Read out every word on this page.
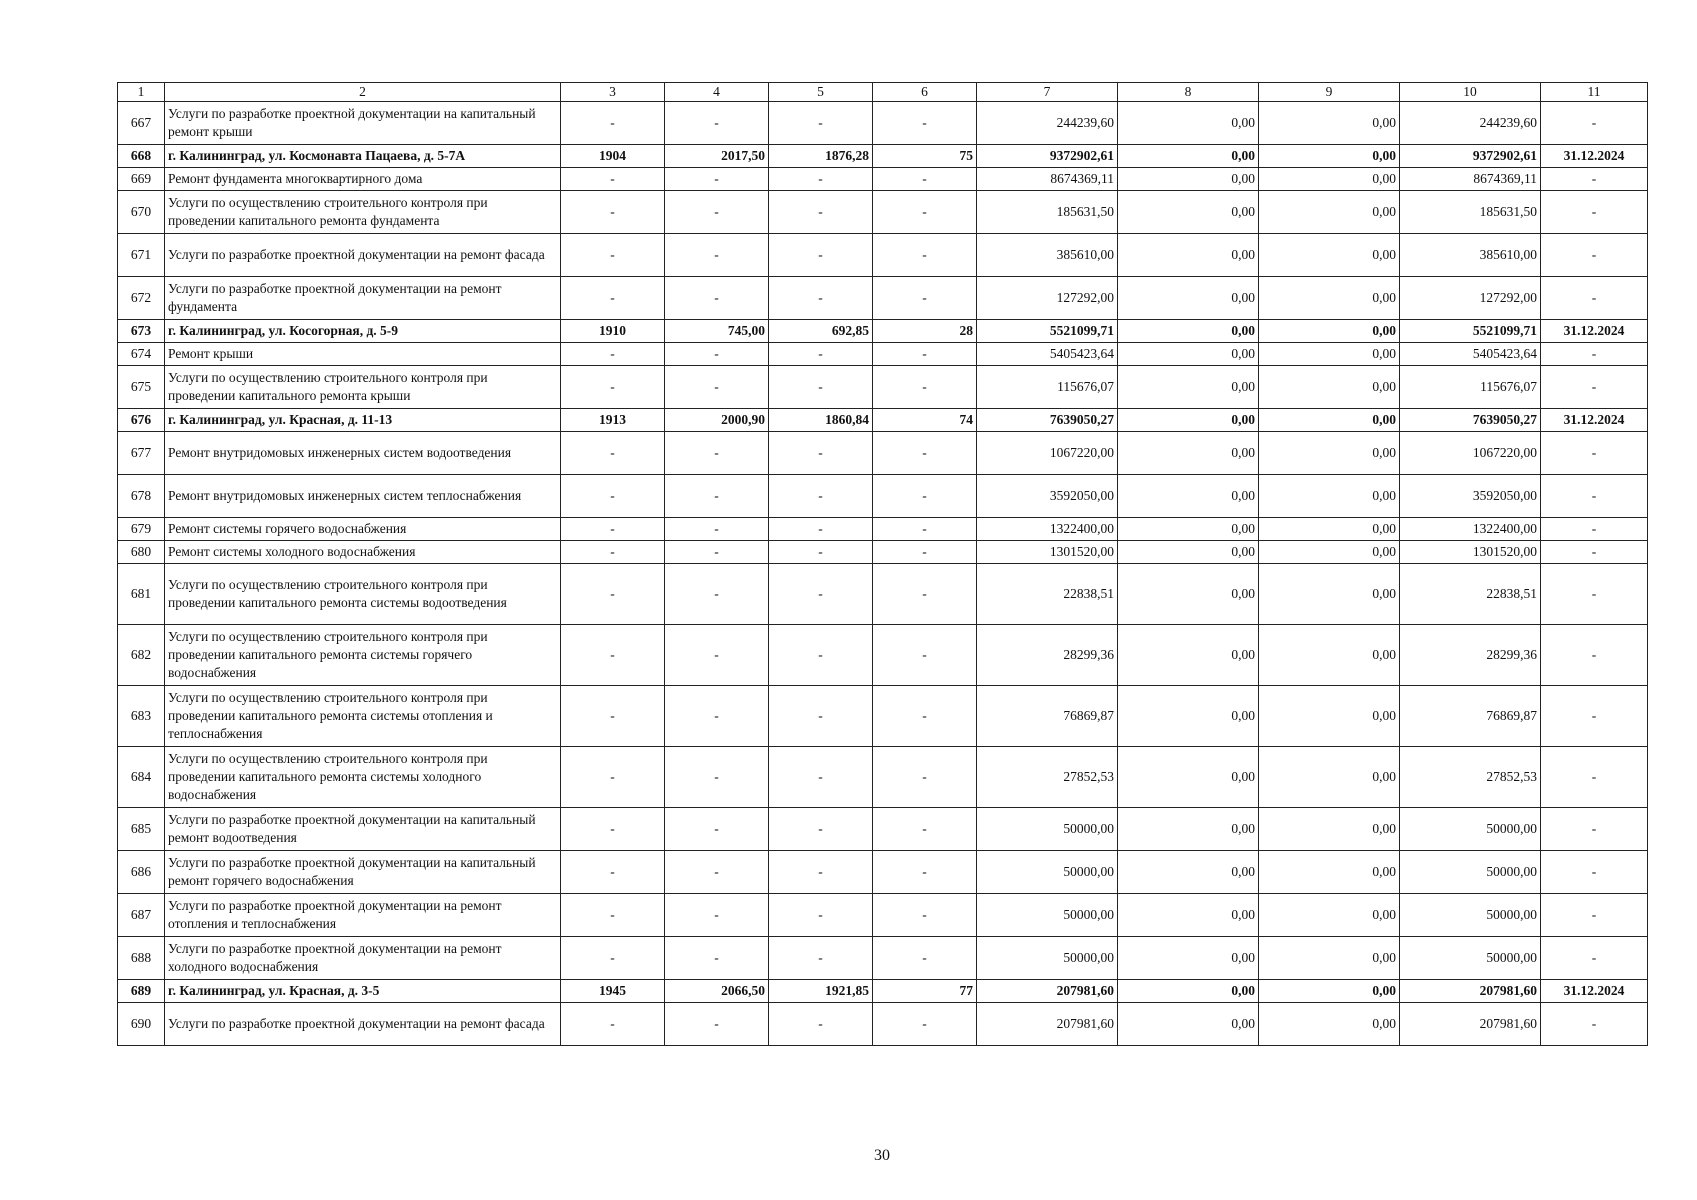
1	2	3	4	5	6	7	8	9	10	11
667	Услуги по разработке проектной документации на капитальный ремонт крыши	-	-	-	-	244239,60	0,00	0,00	244239,60	-
668	г. Калининград, ул. Космонавта Пацаева, д. 5-7А	1904	2017,50	1876,28	75	9372902,61	0,00	0,00	9372902,61	31.12.2024
669	Ремонт фундамента многоквартирного дома	-	-	-	-	8674369,11	0,00	0,00	8674369,11	-
670	Услуги по осуществлению строительного контроля при проведении капитального ремонта фундамента	-	-	-	-	185631,50	0,00	0,00	185631,50	-
671	Услуги по разработке проектной документации на ремонт фасада	-	-	-	-	385610,00	0,00	0,00	385610,00	-
672	Услуги по разработке проектной документации на ремонт фундамента	-	-	-	-	127292,00	0,00	0,00	127292,00	-
673	г. Калининград, ул. Косогорная, д. 5-9	1910	745,00	692,85	28	5521099,71	0,00	0,00	5521099,71	31.12.2024
674	Ремонт крыши	-	-	-	-	5405423,64	0,00	0,00	5405423,64	-
675	Услуги по осуществлению строительного контроля при проведении капитального ремонта крыши	-	-	-	-	115676,07	0,00	0,00	115676,07	-
676	г. Калининград, ул. Красная, д. 11-13	1913	2000,90	1860,84	74	7639050,27	0,00	0,00	7639050,27	31.12.2024
677	Ремонт внутридомовых инженерных систем водоотведения	-	-	-	-	1067220,00	0,00	0,00	1067220,00	-
678	Ремонт внутридомовых инженерных систем теплоснабжения	-	-	-	-	3592050,00	0,00	0,00	3592050,00	-
679	Ремонт системы горячего водоснабжения	-	-	-	-	1322400,00	0,00	0,00	1322400,00	-
680	Ремонт системы холодного водоснабжения	-	-	-	-	1301520,00	0,00	0,00	1301520,00	-
681	Услуги по осуществлению строительного контроля при проведении капитального ремонта системы водоотведения	-	-	-	-	22838,51	0,00	0,00	22838,51	-
682	Услуги по осуществлению строительного контроля при проведении капитального ремонта системы горячего водоснабжения	-	-	-	-	28299,36	0,00	0,00	28299,36	-
683	Услуги по осуществлению строительного контроля при проведении капитального ремонта системы отопления и теплоснабжения	-	-	-	-	76869,87	0,00	0,00	76869,87	-
684	Услуги по осуществлению строительного контроля при проведении капитального ремонта системы холодного водоснабжения	-	-	-	-	27852,53	0,00	0,00	27852,53	-
685	Услуги по разработке проектной документации на капитальный ремонт водоотведения	-	-	-	-	50000,00	0,00	0,00	50000,00	-
686	Услуги по разработке проектной документации на капитальный ремонт горячего водоснабжения	-	-	-	-	50000,00	0,00	0,00	50000,00	-
687	Услуги по разработке проектной документации на ремонт отопления и теплоснабжения	-	-	-	-	50000,00	0,00	0,00	50000,00	-
688	Услуги по разработке проектной документации на ремонт холодного водоснабжения	-	-	-	-	50000,00	0,00	0,00	50000,00	-
689	г. Калининград, ул. Красная, д. 3-5	1945	2066,50	1921,85	77	207981,60	0,00	0,00	207981,60	31.12.2024
690	Услуги по разработке проектной документации на ремонт фасада	-	-	-	-	207981,60	0,00	0,00	207981,60	-
30
